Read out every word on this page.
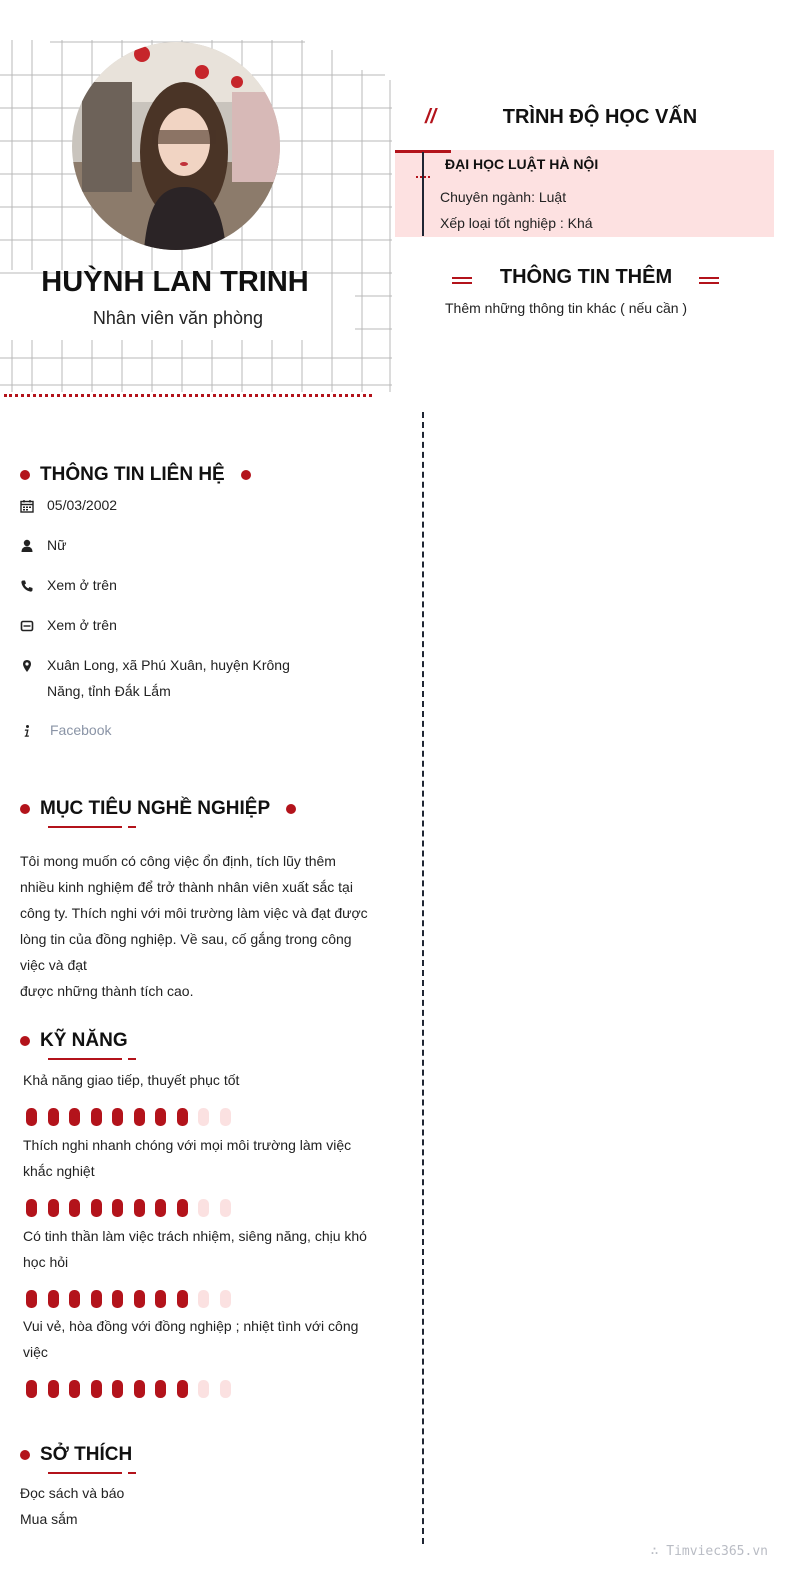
HUỲNH LAN TRINH
Nhân viên văn phòng
THÔNG TIN LIÊN HỆ
05/03/2002
Nữ
Xem ở trên
Xem ở trên
Xuân Long, xã Phú Xuân, huyện Krông Năng, tỉnh Đắk Lắm
Facebook
MỤC TIÊU NGHỀ NGHIỆP
Tôi mong muốn có công việc ổn định, tích lũy thêm nhiều kinh nghiệm để trở thành nhân viên xuất sắc tại công ty. Thích nghi với môi trường làm việc và đạt được lòng tin của đồng nghiệp. Về sau, cố gắng trong công việc và đạt
được những thành tích cao.
KỸ NĂNG
Khả năng giao tiếp, thuyết phục tốt
Thích nghi nhanh chóng với mọi môi trường làm việc khắc nghiệt
Có tinh thần làm việc trách nhiệm, siêng năng, chịu khó học hỏi
Vui vẻ, hòa đồng với đồng nghiệp ; nhiệt tình với công việc
SỞ THÍCH
Đọc sách và báo
Mua sắm
//	TRÌNH ĐỘ HỌC VẤN
ĐẠI HỌC LUẬT HÀ NỘI
Chuyên ngành: Luật
Xếp loại tốt nghiệp : Khá
THÔNG TIN THÊM
Thêm những thông tin khác ( nếu cần )
∴ Timviec365.vn
